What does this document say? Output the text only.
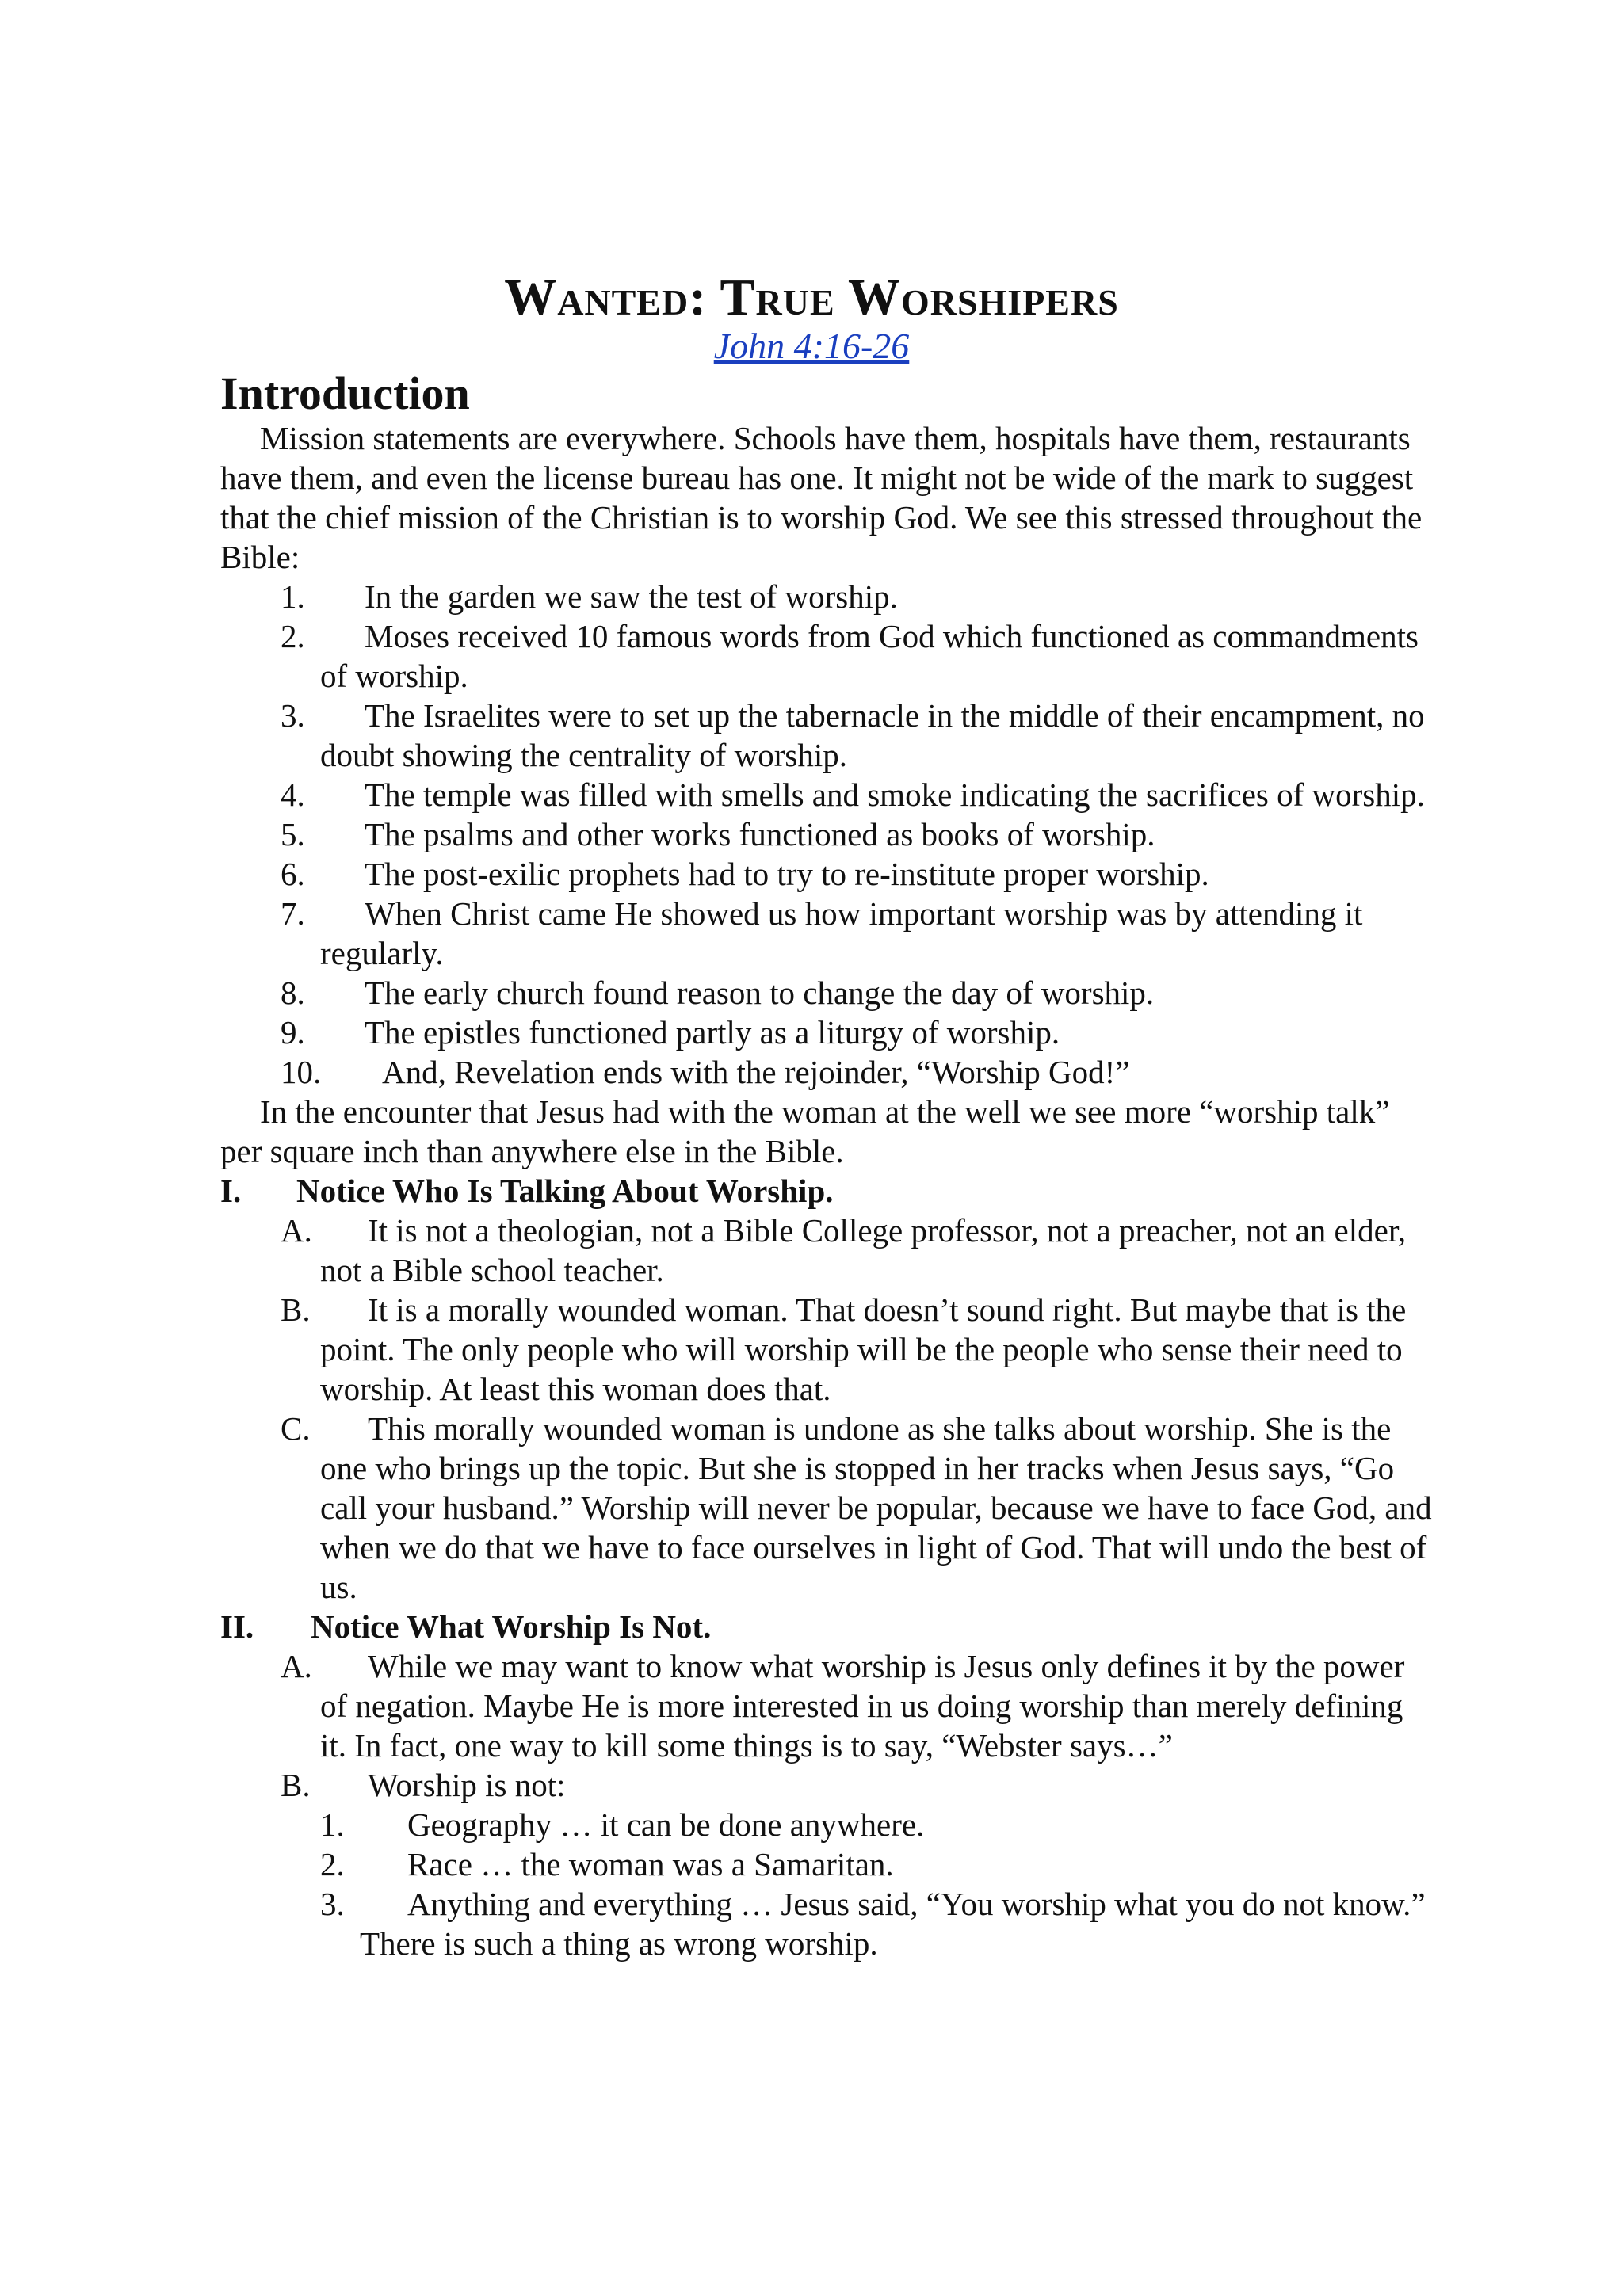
Wanted: True Worshipers
John 4:16-26
Introduction

Mission statements are everywhere. Schools have them, hospitals have them, restaurants have them, and even the license bureau has one. It might not be wide of the mark to suggest that the chief mission of the Christian is to worship God. We see this stressed throughout the Bible:

1. In the garden we saw the test of worship.
2. Moses received 10 famous words from God which functioned as commandments of worship.
3. The Israelites were to set up the tabernacle in the middle of their encampment, no doubt showing the centrality of worship.
4. The temple was filled with smells and smoke indicating the sacrifices of worship.
5. The psalms and other works functioned as books of worship.
6. The post-exilic prophets had to try to re-institute proper worship.
7. When Christ came He showed us how important worship was by attending it regularly.
8. The early church found reason to change the day of worship.
9. The epistles functioned partly as a liturgy of worship.
10. And, Revelation ends with the rejoinder, “Worship God!”

In the encounter that Jesus had with the woman at the well we see more “worship talk” per square inch than anywhere else in the Bible.

I. Notice Who Is Talking About Worship.
A. It is not a theologian, not a Bible College professor, not a preacher, not an elder, not a Bible school teacher.
B. It is a morally wounded woman. That doesn’t sound right. But maybe that is the point. The only people who will worship will be the people who sense their need to worship. At least this woman does that.
C. This morally wounded woman is undone as she talks about worship. She is the one who brings up the topic. But she is stopped in her tracks when Jesus says, “Go call your husband.” Worship will never be popular, because we have to face God, and when we do that we have to face ourselves in light of God. That will undo the best of us.
II. Notice What Worship Is Not.
A. While we may want to know what worship is Jesus only defines it by the power of negation. Maybe He is more interested in us doing worship than merely defining it. In fact, one way to kill some things is to say, “Webster says…”
B. Worship is not:
1. Geography … it can be done anywhere.
2. Race … the woman was a Samaritan.
3. Anything and everything … Jesus said, “You worship what you do not know.” There is such a thing as wrong worship.
